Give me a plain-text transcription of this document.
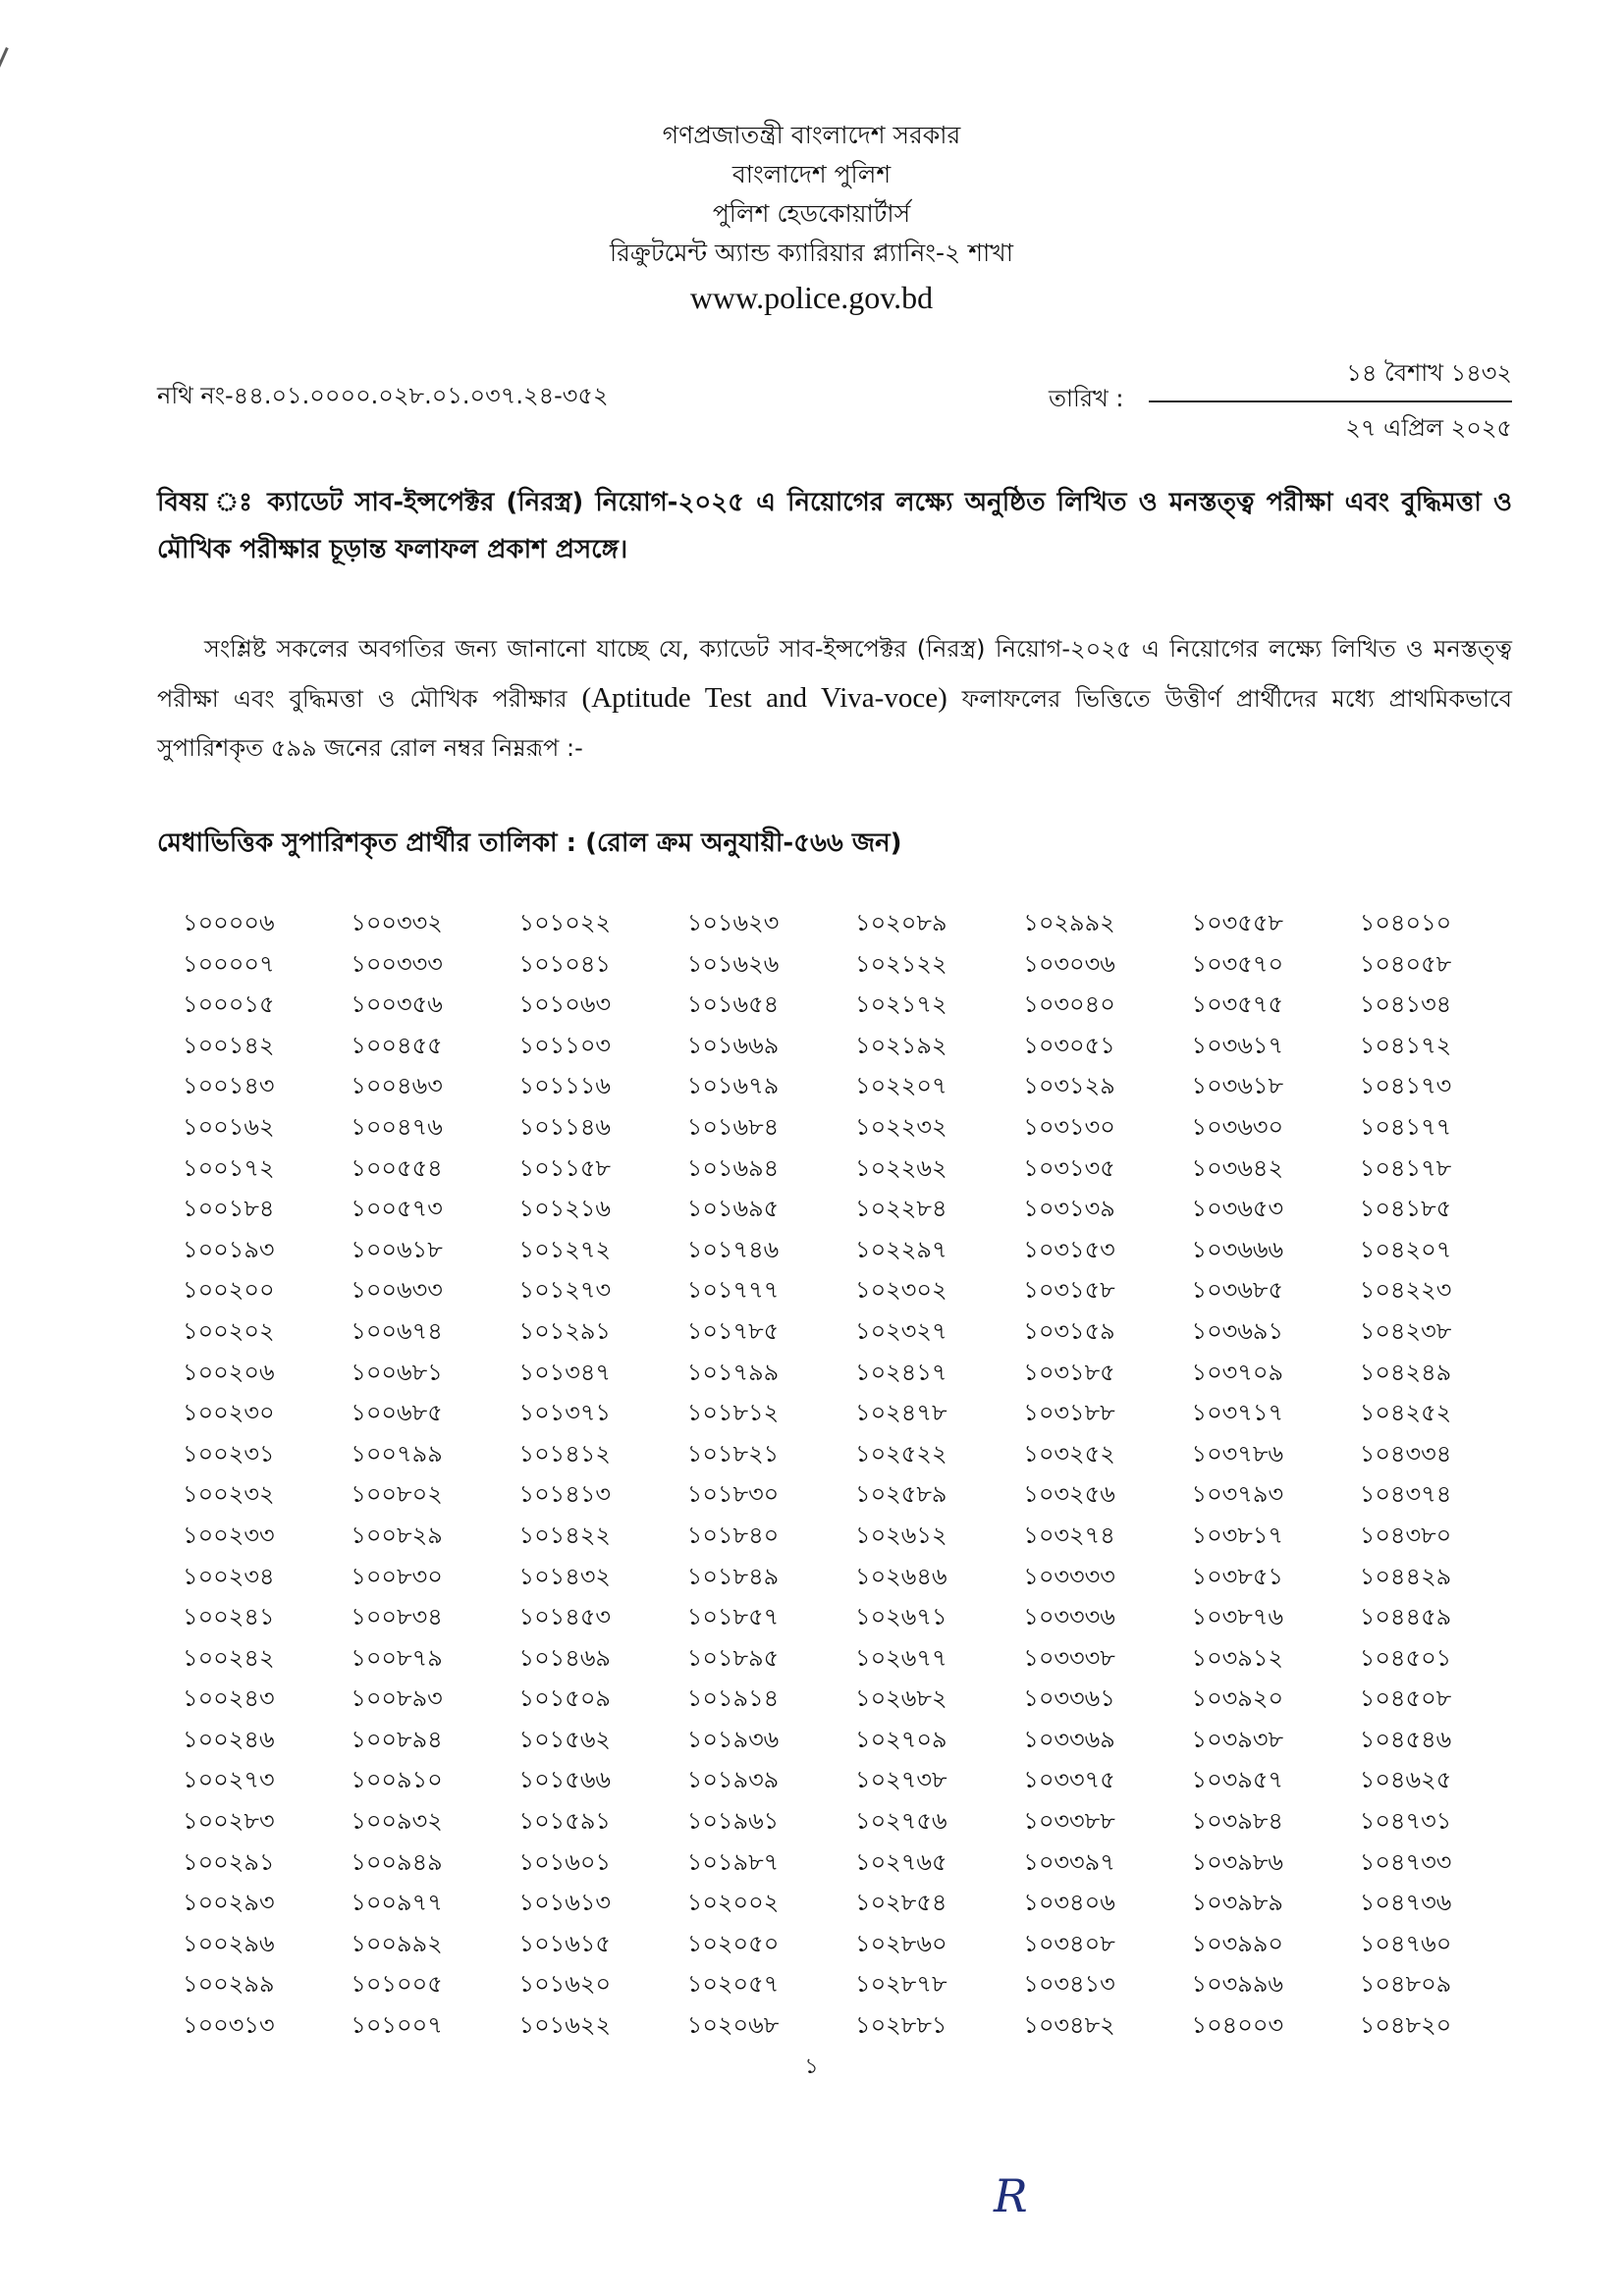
গণপ্রজাতন্ত্রী বাংলাদেশ সরকার
বাংলাদেশ পুলিশ
পুলিশ হেডকোয়ার্টার্স
রিক্রুটমেন্ট অ্যান্ড ক্যারিয়ার প্ল্যানিং-২ শাখা
www.police.gov.bd
নথি নং-৪৪.০১.০০০০.০২৮.০১.০৩৭.২৪-৩৫২	তারিখ :
১৪ বৈশাখ ১৪৩২
২৭ এপ্রিল ২০২৫
বিষয় ঃ ক্যাডেট সাব-ইন্সপেক্টর (নিরস্ত্র) নিয়োগ-২০২৫ এ নিয়োগের লক্ষ্যে অনুষ্ঠিত লিখিত ও মনস্তত্ত্ব পরীক্ষা এবং বুদ্ধিমত্তা ও মৌখিক পরীক্ষার চূড়ান্ত ফলাফল প্রকাশ প্রসঙ্গে।
সংশ্লিষ্ট সকলের অবগতির জন্য জানানো যাচ্ছে যে, ক্যাডেট সাব-ইন্সপেক্টর (নিরস্ত্র) নিয়োগ-২০২৫ এ নিয়োগের লক্ষ্যে লিখিত ও মনস্তত্ত্ব পরীক্ষা এবং বুদ্ধিমত্তা ও মৌখিক পরীক্ষার (Aptitude Test and Viva-voce) ফলাফলের ভিত্তিতে উত্তীর্ণ প্রার্থীদের মধ্যে প্রাথমিকভাবে সুপারিশকৃত ৫৯৯ জনের রোল নম্বর নিম্নরূপ :-
মেধাভিত্তিক সুপারিশকৃত প্রার্থীর তালিকা : (রোল ক্রম অনুযায়ী-৫৬৬ জন)
১০০০০৬	১০০৩৩২	১০১০২২	১০১৬২৩	১০২০৮৯	১০২৯৯২	১০৩৫৫৮	১০৪০১০
১০০০০৭	১০০৩৩৩	১০১০৪১	১০১৬২৬	১০২১২২	১০৩০৩৬	১০৩৫৭০	১০৪০৫৮
১০০০১৫	১০০৩৫৬	১০১০৬৩	১০১৬৫৪	১০২১৭২	১০৩০৪০	১০৩৫৭৫	১০৪১৩৪
১০০১৪২	১০০৪৫৫	১০১১০৩	১০১৬৬৯	১০২১৯২	১০৩০৫১	১০৩৬১৭	১০৪১৭২
১০০১৪৩	১০০৪৬৩	১০১১১৬	১০১৬৭৯	১০২২০৭	১০৩১২৯	১০৩৬১৮	১০৪১৭৩
১০০১৬২	১০০৪৭৬	১০১১৪৬	১০১৬৮৪	১০২২৩২	১০৩১৩০	১০৩৬৩০	১০৪১৭৭
১০০১৭২	১০০৫৫৪	১০১১৫৮	১০১৬৯৪	১০২২৬২	১০৩১৩৫	১০৩৬৪২	১০৪১৭৮
১০০১৮৪	১০০৫৭৩	১০১২১৬	১০১৬৯৫	১০২২৮৪	১০৩১৩৯	১০৩৬৫৩	১০৪১৮৫
১০০১৯৩	১০০৬১৮	১০১২৭২	১০১৭৪৬	১০২২৯৭	১০৩১৫৩	১০৩৬৬৬	১০৪২০৭
১০০২০০	১০০৬৩৩	১০১২৭৩	১০১৭৭৭	১০২৩০২	১০৩১৫৮	১০৩৬৮৫	১০৪২২৩
১০০২০২	১০০৬৭৪	১০১২৯১	১০১৭৮৫	১০২৩২৭	১০৩১৫৯	১০৩৬৯১	১০৪২৩৮
১০০২০৬	১০০৬৮১	১০১৩৪৭	১০১৭৯৯	১০২৪১৭	১০৩১৮৫	১০৩৭০৯	১০৪২৪৯
১০০২৩০	১০০৬৮৫	১০১৩৭১	১০১৮১২	১০২৪৭৮	১০৩১৮৮	১০৩৭১৭	১০৪২৫২
১০০২৩১	১০০৭৯৯	১০১৪১২	১০১৮২১	১০২৫২২	১০৩২৫২	১০৩৭৮৬	১০৪৩৩৪
১০০২৩২	১০০৮০২	১০১৪১৩	১০১৮৩০	১০২৫৮৯	১০৩২৫৬	১০৩৭৯৩	১০৪৩৭৪
১০০২৩৩	১০০৮২৯	১০১৪২২	১০১৮৪০	১০২৬১২	১০৩২৭৪	১০৩৮১৭	১০৪৩৮০
১০০২৩৪	১০০৮৩০	১০১৪৩২	১০১৮৪৯	১০২৬৪৬	১০৩৩৩৩	১০৩৮৫১	১০৪৪২৯
১০০২৪১	১০০৮৩৪	১০১৪৫৩	১০১৮৫৭	১০২৬৭১	১০৩৩৩৬	১০৩৮৭৬	১০৪৪৫৯
১০০২৪২	১০০৮৭৯	১০১৪৬৯	১০১৮৯৫	১০২৬৭৭	১০৩৩৩৮	১০৩৯১২	১০৪৫০১
১০০২৪৩	১০০৮৯৩	১০১৫০৯	১০১৯১৪	১০২৬৮২	১০৩৩৬১	১০৩৯২০	১০৪৫০৮
১০০২৪৬	১০০৮৯৪	১০১৫৬২	১০১৯৩৬	১০২৭০৯	১০৩৩৬৯	১০৩৯৩৮	১০৪৫৪৬
১০০২৭৩	১০০৯১০	১০১৫৬৬	১০১৯৩৯	১০২৭৩৮	১০৩৩৭৫	১০৩৯৫৭	১০৪৬২৫
১০০২৮৩	১০০৯৩২	১০১৫৯১	১০১৯৬১	১০২৭৫৬	১০৩৩৮৮	১০৩৯৮৪	১০৪৭৩১
১০০২৯১	১০০৯৪৯	১০১৬০১	১০১৯৮৭	১০২৭৬৫	১০৩৩৯৭	১০৩৯৮৬	১০৪৭৩৩
১০০২৯৩	১০০৯৭৭	১০১৬১৩	১০২০০২	১০২৮৫৪	১০৩৪০৬	১০৩৯৮৯	১০৪৭৩৬
১০০২৯৬	১০০৯৯২	১০১৬১৫	১০২০৫০	১০২৮৬০	১০৩৪০৮	১০৩৯৯০	১০৪৭৬০
১০০২৯৯	১০১০০৫	১০১৬২০	১০২০৫৭	১০২৮৭৮	১০৩৪১৩	১০৩৯৯৬	১০৪৮০৯
১০০৩১৩	১০১০০৭	১০১৬২২	১০২০৬৮	১০২৮৮১	১০৩৪৮২	১০৪০০৩	১০৪৮২০
১
R
